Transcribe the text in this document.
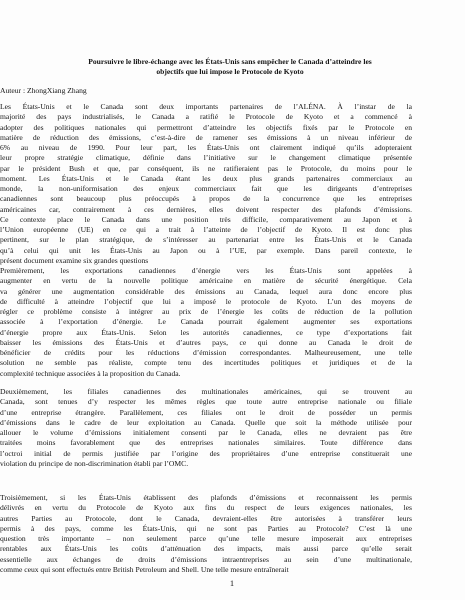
Poursuivre le libre-échange avec les États-Unis sans empêcher le Canada d’atteindre les
objectifs que lui impose le Protocole de Kyoto
Auteur : ZhongXiang Zhang
Les États-Unis et le Canada sont deux importants partenaires de l’ALÉNA. À l’instar de la
majorité des pays industrialisés, le Canada a ratifié le Protocole de Kyoto et a commencé à
adopter des politiques nationales qui permettront d’atteindre les objectifs fixés par le Protocole en
matière de réduction des émissions, c’est-à-dire de ramener ses émissions à un niveau inférieur de
6% au niveau de 1990. Pour leur part, les États-Unis ont clairement indiqué qu’ils adopteraient
leur propre stratégie climatique, définie dans l’initiative sur le changement climatique présentée
par le président Bush et que, par conséquent, ils ne ratifieraient pas le Protocole, du moins pour le
moment. Les États-Unis et le Canada étant les deux plus grands partenaires commerciaux au
monde, la non-uniformisation des enjeux commerciaux fait que les dirigeants d’entreprises
canadiennes sont beaucoup plus préoccupés à propos de la concurrence que les entreprises
américaines car, contrairement à ces dernières, elles doivent respecter des plafonds d’émissions.
Ce contexte place le Canada dans une position très difficile, comparativement au Japon et à
l’Union européenne (UE) en ce qui a trait à l’atteinte de l’objectif de Kyoto. Il est donc plus
pertinent, sur le plan stratégique, de s’intéresser au partenariat entre les États-Unis et le Canada
qu’à celui qui unit les États-Unis au Japon ou à l’UE, par exemple. Dans pareil contexte, le
présent document examine six grandes questions
Premièrement, les exportations canadiennes d’énergie vers les États-Unis sont appelées à
augmenter en vertu de la nouvelle politique américaine en matière de sécurité énergétique. Cela
va générer une augmentation considérable des émissions au Canada, lequel aura donc encore plus
de difficulté à atteindre l’objectif que lui a imposé le protocole de Kyoto. L’un des moyens de
régler ce problème consiste à intégrer au prix de l’énergie les coûts de réduction de la pollution
associée à l’exportation d’énergie. Le Canada pourrait également augmenter ses exportations
d’énergie propre aux États-Unis. Selon les autorités canadiennes, ce type d’exportations fait
baisser les émissions des États-Unis et d’autres pays, ce qui donne au Canada le droit de
bénéficier de crédits pour les réductions d’émission correspondantes. Malheureusement, une telle
solution ne semble pas réaliste, compte tenu des incertitudes politiques et juridiques et de la
complexité technique associées à la proposition du Canada.
Deuxièmement, les filiales canadiennes des multinationales américaines, qui se trouvent au
Canada, sont tenues d’y respecter les mêmes règles que toute autre entreprise nationale ou filiale
d’une entreprise étrangère. Parallèlement, ces filiales ont le droit de posséder un permis
d’émissions dans le cadre de leur exploitation au Canada. Quelle que soit la méthode utilisée pour
allouer le volume d’émissions initialement consenti par le Canada, elles ne devraient pas être
traitées moins favorablement que des entreprises nationales similaires. Toute différence dans
l’octroi initial de permis justifiée par l’origine des propriétaires d’une entreprise constituerait une
violation du principe de non-discrimination établi par l’OMC.
Troisièmement, si les États-Unis établissent des plafonds d’émissions et reconnaissent les permis
délivrés en vertu du Protocole de Kyoto aux fins du respect de leurs exigences nationales, les
autres Parties au Protocole, dont le Canada, devraient-elles être autorisées à transférer leurs
permis à des pays, comme les États-Unis, qui ne sont pas Parties au Protocole? C’est là une
question très importante – non seulement parce qu’une telle mesure imposerait aux entreprises
rentables aux États-Unis les coûts d’atténuation des impacts, mais aussi parce qu’elle serait
essentielle aux échanges de droits d’émissions intraentreprises au sein d’une multinationale,
comme ceux qui sont effectués entre British Petroleum and Shell. Une telle mesure entraînerait
1
